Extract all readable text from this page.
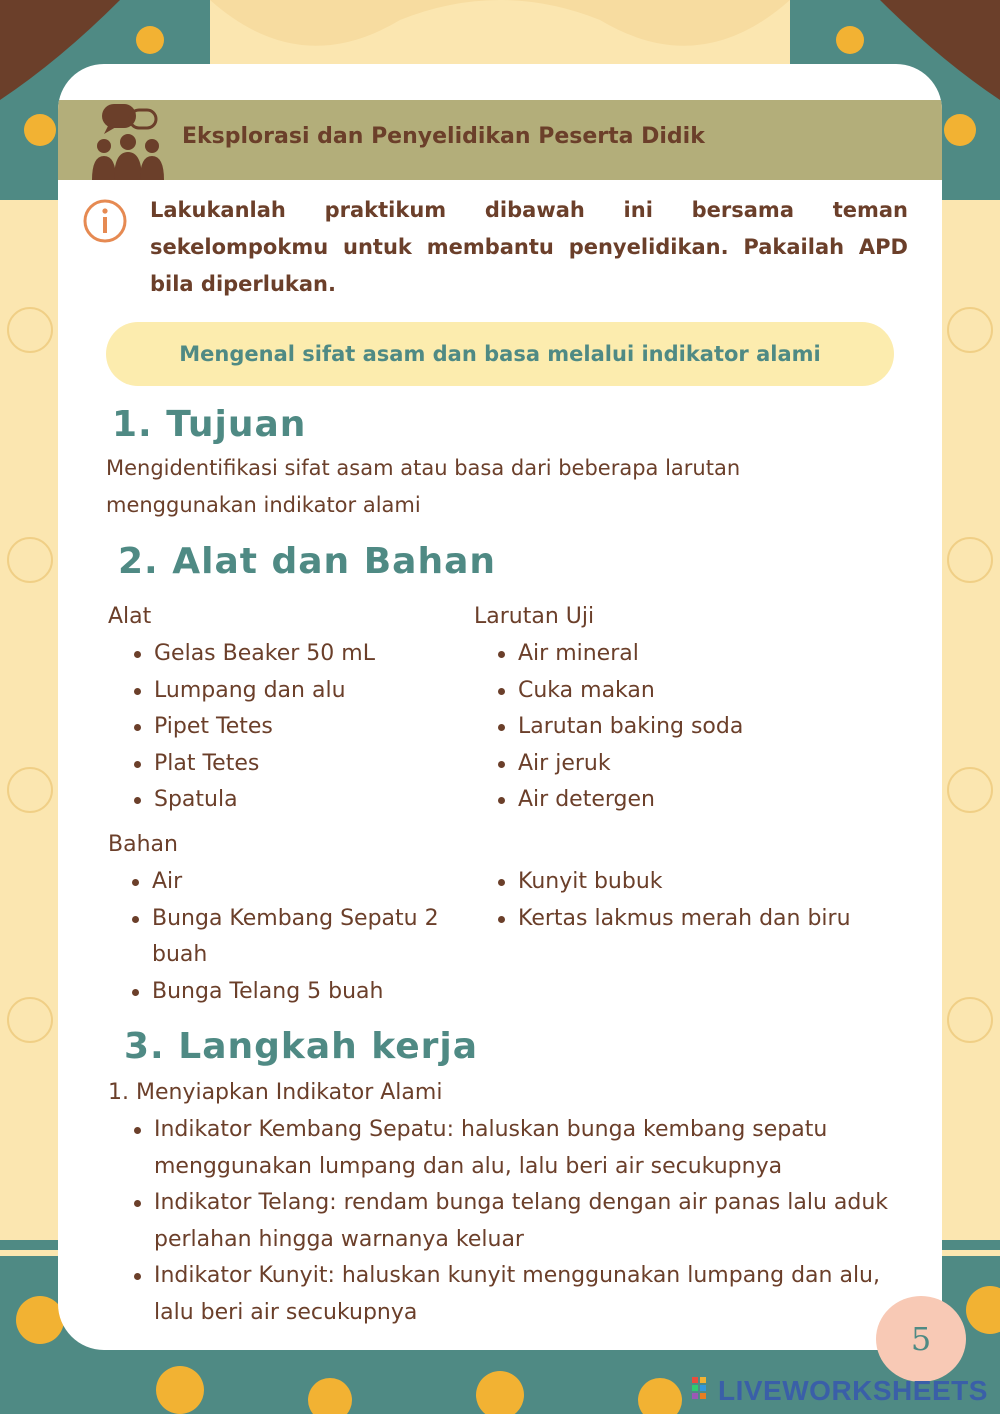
Eksplorasi dan Penyelidikan Peserta Didik
Lakukanlah praktikum dibawah ini bersama teman sekelompokmu untuk membantu penyelidikan. Pakailah APD bila diperlukan.
Mengenal sifat asam dan basa melalui indikator alami
1. Tujuan
Mengidentifikasi sifat asam atau basa dari beberapa larutan menggunakan indikator alami
2. Alat dan Bahan
Alat
Gelas Beaker 50 mL
Lumpang dan alu
Pipet Tetes
Plat Tetes
Spatula
Larutan Uji
Air mineral
Cuka makan
Larutan baking soda
Air jeruk
Air detergen
Bahan
Air
Bunga Kembang Sepatu 2 buah
Bunga Telang 5 buah
Kunyit bubuk
Kertas lakmus merah dan biru
3. Langkah kerja
1. Menyiapkan Indikator Alami
Indikator Kembang Sepatu: haluskan bunga kembang sepatu menggunakan lumpang dan alu, lalu beri air secukupnya
Indikator Telang: rendam bunga telang dengan air panas lalu aduk perlahan hingga warnanya keluar
Indikator Kunyit: haluskan kunyit menggunakan lumpang dan alu, lalu beri air secukupnya
5
LIVEWORKSHEETS
